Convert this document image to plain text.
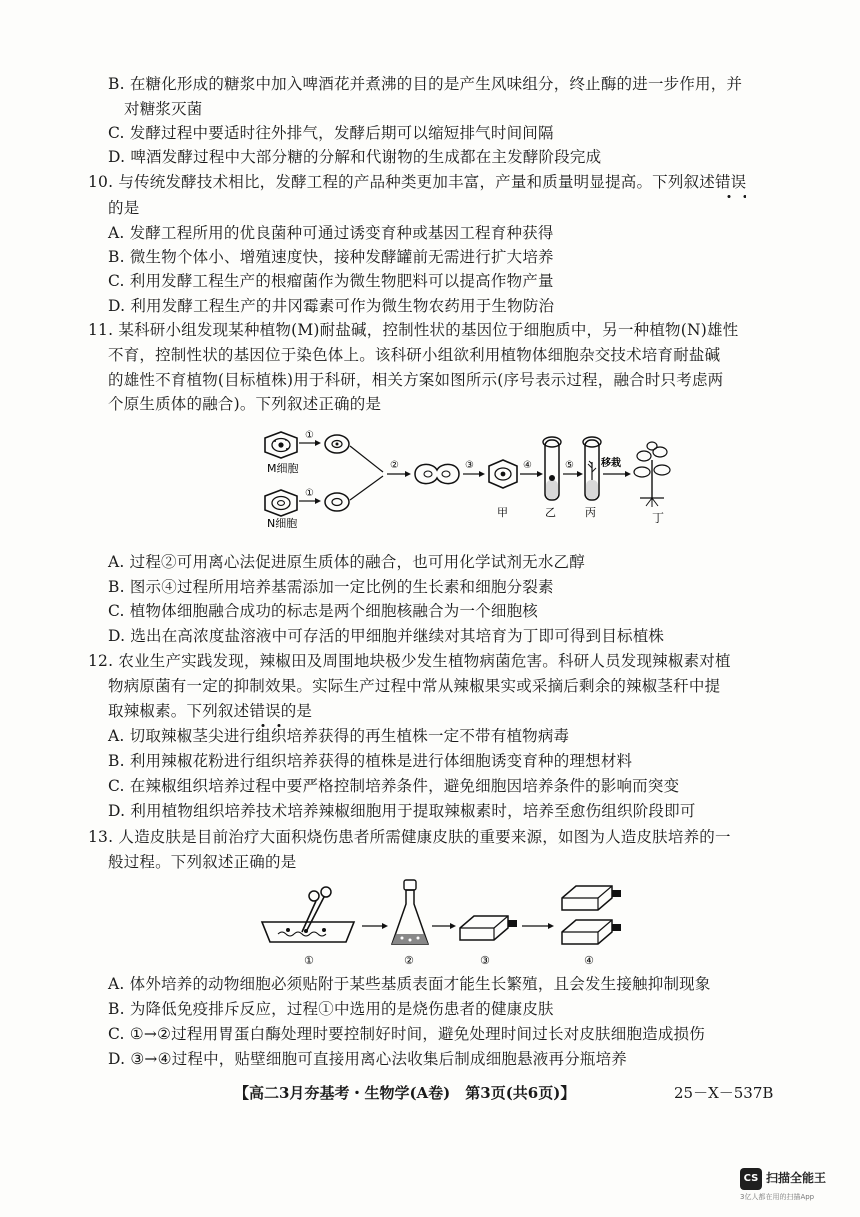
B. 在糖化形成的糖浆中加入啤酒花并煮沸的目的是产生风味组分，终止酶的进一步作用，并
对糖浆灭菌
C. 发酵过程中要适时往外排气，发酵后期可以缩短排气时间间隔
D. 啤酒发酵过程中大部分糖的分解和代谢物的生成都在主发酵阶段完成
10. 与传统发酵技术相比，发酵工程的产品种类更加丰富，产量和质量明显提高。下列叙述错误
的是
A. 发酵工程所用的优良菌种可通过诱变育种或基因工程育种获得
B. 微生物个体小、增殖速度快，接种发酵罐前无需进行扩大培养
C. 利用发酵工程生产的根瘤菌作为微生物肥料可以提高作物产量
D. 利用发酵工程生产的井冈霉素可作为微生物农药用于生物防治
11. 某科研小组发现某种植物(M)耐盐碱，控制性状的基因位于细胞质中，另一种植物(N)雄性
不育，控制性状的基因位于染色体上。该科研小组欲利用植物体细胞杂交技术培育耐盐碱
的雄性不育植物(目标植株)用于科研，相关方案如图所示(序号表示过程，融合时只考虑两
个原生质体的融合)。下列叙述正确的是
M细胞
①
N细胞
①
②	③
甲
④
乙
⑤
丙
移栽
丁
A. 过程②可用离心法促进原生质体的融合，也可用化学试剂无水乙醇
B. 图示④过程所用培养基需添加一定比例的生长素和细胞分裂素
C. 植物体细胞融合成功的标志是两个细胞核融合为一个细胞核
D. 选出在高浓度盐溶液中可存活的甲细胞并继续对其培育为丁即可得到目标植株
12. 农业生产实践发现，辣椒田及周围地块极少发生植物病菌危害。科研人员发现辣椒素对植
物病原菌有一定的抑制效果。实际生产过程中常从辣椒果实或采摘后剩余的辣椒茎秆中提
取辣椒素。下列叙述错误的是
A. 切取辣椒茎尖进行组织培养获得的再生植株一定不带有植物病毒
B. 利用辣椒花粉进行组织培养获得的植株是进行体细胞诱变育种的理想材料
C. 在辣椒组织培养过程中要严格控制培养条件，避免细胞因培养条件的影响而突变
D. 利用植物组织培养技术培养辣椒细胞用于提取辣椒素时，培养至愈伤组织阶段即可
13. 人造皮肤是目前治疗大面积烧伤患者所需健康皮肤的重要来源，如图为人造皮肤培养的一
般过程。下列叙述正确的是
①	②	③	④
A. 体外培养的动物细胞必须贴附于某些基质表面才能生长繁殖，且会发生接触抑制现象
B. 为降低免疫排斥反应，过程①中选用的是烧伤患者的健康皮肤
C. ①→②过程用胃蛋白酶处理时要控制好时间，避免处理时间过长对皮肤细胞造成损伤
D. ③→④过程中，贴壁细胞可直接用离心法收集后制成细胞悬液再分瓶培养
【高二3月夯基考・生物学(A卷)　第3页(共6页)】	25－X－537B
CS 扫描全能王
3亿人都在用的扫描App
